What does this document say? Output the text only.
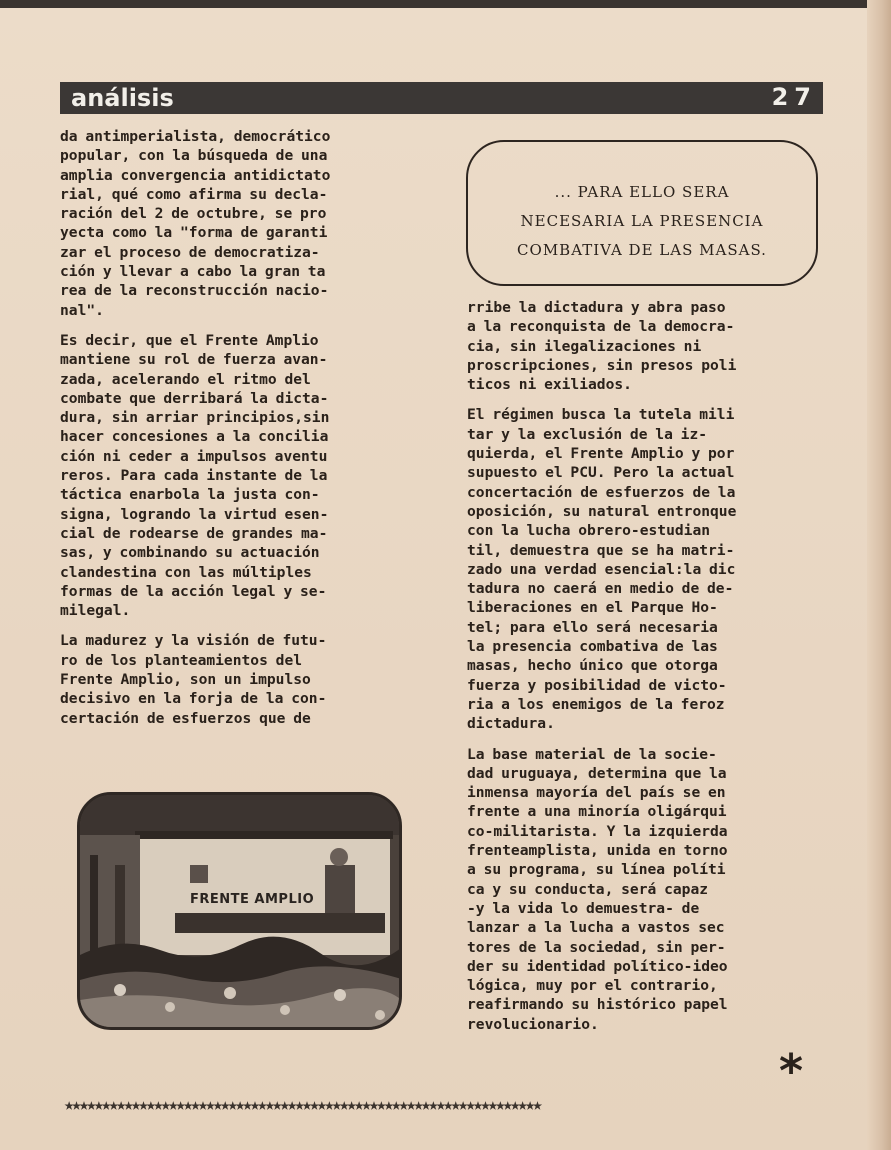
análisis	27

da antimperialista, democrático
popular, con la búsqueda de una
amplia convergencia antidictato
rial, qué como afirma su decla-
ración del 2 de octubre, se pro
yecta como la "forma de garanti
zar el proceso de democratiza-
ción y llevar a cabo la gran ta
rea de la reconstrucción nacio-
nal".

Es decir, que el Frente Amplio
mantiene su rol de fuerza avan-
zada, acelerando el ritmo del
combate que derribará la dicta-
dura, sin arriar principios,sin
hacer concesiones a la concilia
ción ni ceder a impulsos aventu
reros. Para cada instante de la
táctica enarbola la justa con-
signa, logrando la virtud esen-
cial de rodearse de grandes ma-
sas, y combinando su actuación
clandestina con las múltiples
formas de la acción legal y se-
milegal.

La madurez y la visión de futu-
ro de los planteamientos del
Frente Amplio, son un impulso
decisivo en la forja de la con-
certación de esfuerzos que de

... PARA ELLO SERA
NECESARIA LA PRESENCIA
COMBATIVA DE LAS MASAS.

rribe la dictadura y abra paso
a la reconquista de la democra-
cia, sin ilegalizaciones ni
proscripciones, sin presos poli
ticos ni exiliados.

El régimen busca la tutela mili
tar y la exclusión de la iz-
quierda, el Frente Amplio y por
supuesto el PCU. Pero la actual
concertación de esfuerzos de la
oposición, su natural entronque
con la lucha obrero-estudian
til, demuestra que se ha matri-
zado una verdad esencial:la dic
tadura no caerá en medio de de-
liberaciones en el Parque Ho-
tel; para ello será necesaria
la presencia combativa de las
masas, hecho único que otorga
fuerza y posibilidad de victo-
ria a los enemigos de la feroz
dictadura.

La base material de la socie-
dad uruguaya, determina que la
inmensa mayoría del país se en
frente a una minoría oligárqui
co-militarista. Y la izquierda
frenteamplista, unida en torno
a su programa, su línea políti
ca y su conducta, será capaz
-y la vida lo demuestra- de
lanzar a la lucha a vastos sec
tores de la sociedad, sin per-
der su identidad político-ideo
lógica, muy por el contrario,
reafirmando su histórico papel
revolucionario.

FRENTE AMPLIO
*
★★★★★★★★★★★★★★★★★★★★★★★★★★★★★★★★★★★★★★★★★★★★★★★★★★★★★★★★★★★★★★★★
